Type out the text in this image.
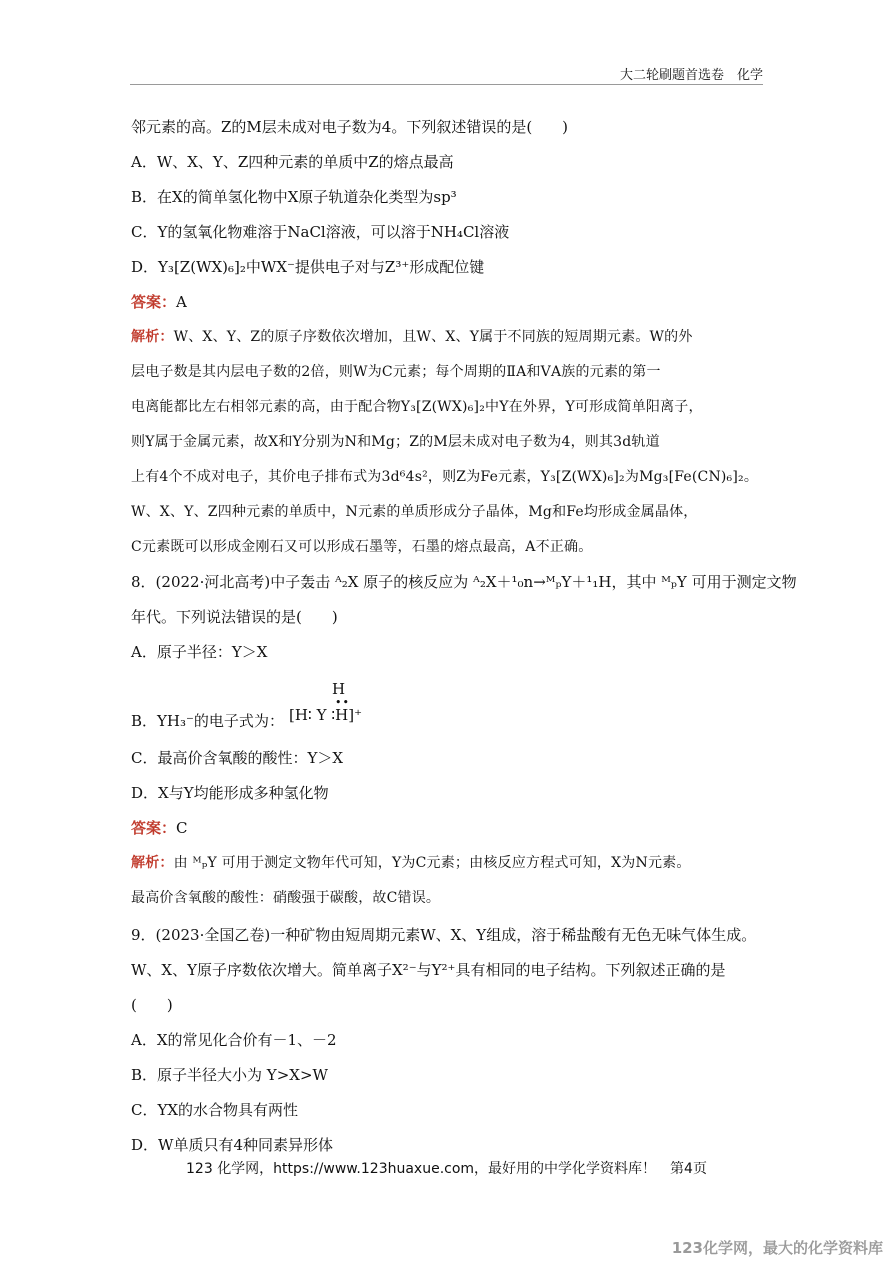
大二轮刷题首选卷　化学
邻元素的高。Z的M层未成对电子数为4。下列叙述错误的是(　　)
A．W、X、Y、Z四种元素的单质中Z的熔点最高
B．在X的简单氢化物中X原子轨道杂化类型为sp³
C．Y的氢氧化物难溶于NaCl溶液，可以溶于NH₄Cl溶液
D．Y₃[Z(WX)₆]₂中WX⁻提供电子对与Z³⁺形成配位键
答案：A
解析：W、X、Y、Z的原子序数依次增加，且W、X、Y属于不同族的短周期元素。W的外
层电子数是其内层电子数的2倍，则W为C元素；每个周期的ⅡA和ⅤA族的元素的第一
电离能都比左右相邻元素的高，由于配合物Y₃[Z(WX)₆]₂中Y在外界，Y可形成简单阳离子，
则Y属于金属元素，故X和Y分别为N和Mg；Z的M层未成对电子数为4，则其3d轨道
上有4个不成对电子，其价电子排布式为3d⁶4s²，则Z为Fe元素，Y₃[Z(WX)₆]₂为Mg₃[Fe(CN)₆]₂。
W、X、Y、Z四种元素的单质中，N元素的单质形成分子晶体，Mg和Fe均形成金属晶体，
C元素既可以形成金刚石又可以形成石墨等，石墨的熔点最高，A不正确。
8．(2022·河北高考)中子轰击 ᴬ₂X 原子的核反应为 ᴬ₂X＋¹₀n→ᴹₚY＋¹₁H，其中 ᴹₚY 可用于测定文物
年代。下列说法错误的是(　　)
A．原子半径：Y＞X
B．YH₃⁻的电子式为：
H
••
[H∶ Y ∶H]⁺
C．最高价含氧酸的酸性：Y＞X
D．X与Y均能形成多种氢化物
答案：C
解析：由 ᴹₚY 可用于测定文物年代可知，Y为C元素；由核反应方程式可知，X为N元素。
最高价含氧酸的酸性：硝酸强于碳酸，故C错误。
9．(2023·全国乙卷)一种矿物由短周期元素W、X、Y组成，溶于稀盐酸有无色无味气体生成。
W、X、Y原子序数依次增大。简单离子X²⁻与Y²⁺具有相同的电子结构。下列叙述正确的是
(　　)
A．X的常见化合价有－1、－2
B．原子半径大小为 Y>X>W
C．YX的水合物具有两性
D．W单质只有4种同素异形体
123 化学网，https://www.123huaxue.com，最好用的中学化学资料库！　第4页
123化学网，最大的化学资料库
